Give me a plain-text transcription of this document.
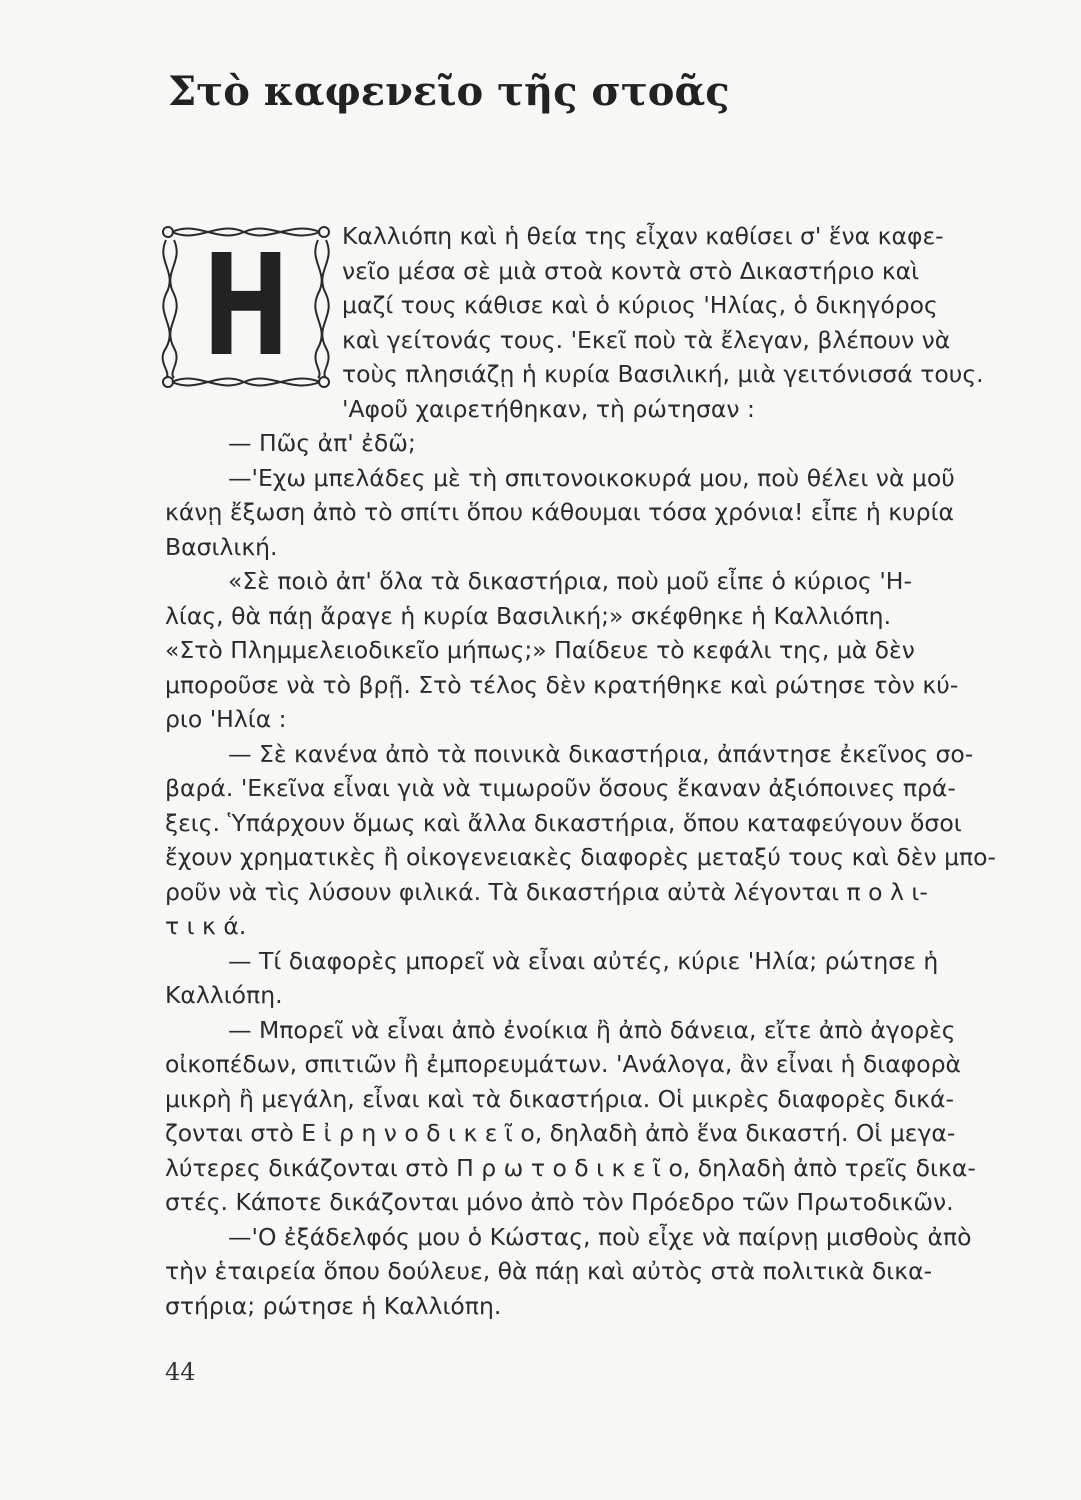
Στὸ καφενεῖο τῆς στοᾶς
Η	Καλλιόπη καὶ ἡ θεία της εἶχαν καθίσει σ' ἕνα καφε-
νεῖο μέσα σὲ μιὰ στοὰ κοντὰ στὸ Δικαστήριο καὶ
μαζί τους κάθισε καὶ ὁ κύριος 'Ηλίας, ὁ δικηγόρος
καὶ γείτονάς τους. 'Εκεῖ ποὺ τὰ ἔλεγαν, βλέπουν νὰ
τοὺς πλησιάζῃ ἡ κυρία Βασιλική, μιὰ γειτόνισσά τους.
'Αφοῦ χαιρετήθηκαν, τὴ ρώτησαν :
— Πῶς ἀπ' ἐδῶ;
—'Εχω μπελάδες μὲ τὴ σπιτονοικοκυρά μου, ποὺ θέλει νὰ μοῦ
κάνῃ ἔξωση ἀπὸ τὸ σπίτι ὅπου κάθουμαι τόσα χρόνια! εἶπε ἡ κυρία
Βασιλική.
«Σὲ ποιὸ ἀπ' ὅλα τὰ δικαστήρια, ποὺ μοῦ εἶπε ὁ κύριος 'Η-
λίας, θὰ πάῃ ἄραγε ἡ κυρία Βασιλική;» σκέφθηκε ἡ Καλλιόπη.
«Στὸ Πλημμελειοδικεῖο μήπως;» Παίδευε τὸ κεφάλι της, μὰ δὲν
μποροῦσε νὰ τὸ βρῇ. Στὸ τέλος δὲν κρατήθηκε καὶ ρώτησε τὸν κύ-
ριο 'Ηλία :
— Σὲ κανένα ἀπὸ τὰ ποινικὰ δικαστήρια, ἀπάντησε ἐκεῖνος σο-
βαρά. 'Εκεῖνα εἶναι γιὰ νὰ τιμωροῦν ὅσους ἔκαναν ἀξιόποινες πρά-
ξεις. Ὑπάρχουν ὅμως καὶ ἄλλα δικαστήρια, ὅπου καταφεύγουν ὅσοι
ἔχουν χρηματικὲς ἢ οἰκογενειακὲς διαφορὲς μεταξύ τους καὶ δὲν μπο-
ροῦν νὰ τὶς λύσουν φιλικά. Τὰ δικαστήρια αὐτὰ λέγονται π ο λ ι-
τ ι κ ά.
— Τί διαφορὲς μπορεῖ νὰ εἶναι αὐτές, κύριε 'Ηλία; ρώτησε ἡ
Καλλιόπη.
— Μπορεῖ νὰ εἶναι ἀπὸ ἐνοίκια ἢ ἀπὸ δάνεια, εἴτε ἀπὸ ἀγορὲς
οἰκοπέδων, σπιτιῶν ἢ ἐμπορευμάτων. 'Ανάλογα, ἂν εἶναι ἡ διαφορὰ
μικρὴ ἢ μεγάλη, εἶναι καὶ τὰ δικαστήρια. Οἱ μικρὲς διαφορὲς δικά-
ζονται στὸ Ε ἰ ρ η ν ο δ ι κ ε ῖ ο, δηλαδὴ ἀπὸ ἕνα δικαστή. Οἱ μεγα-
λύτερες δικάζονται στὸ Π ρ ω τ ο δ ι κ ε ῖ ο, δηλαδὴ ἀπὸ τρεῖς δικα-
στές. Κάποτε δικάζονται μόνο ἀπὸ τὸν Πρόεδρο τῶν Πρωτοδικῶν.
—'Ο ἐξάδελφός μου ὁ Κώστας, ποὺ εἶχε νὰ παίρνῃ μισθοὺς ἀπὸ
τὴν ἑταιρεία ὅπου δούλευε, θὰ πάῃ καὶ αὐτὸς στὰ πολιτικὰ δικα-
στήρια; ρώτησε ἡ Καλλιόπη.
44
